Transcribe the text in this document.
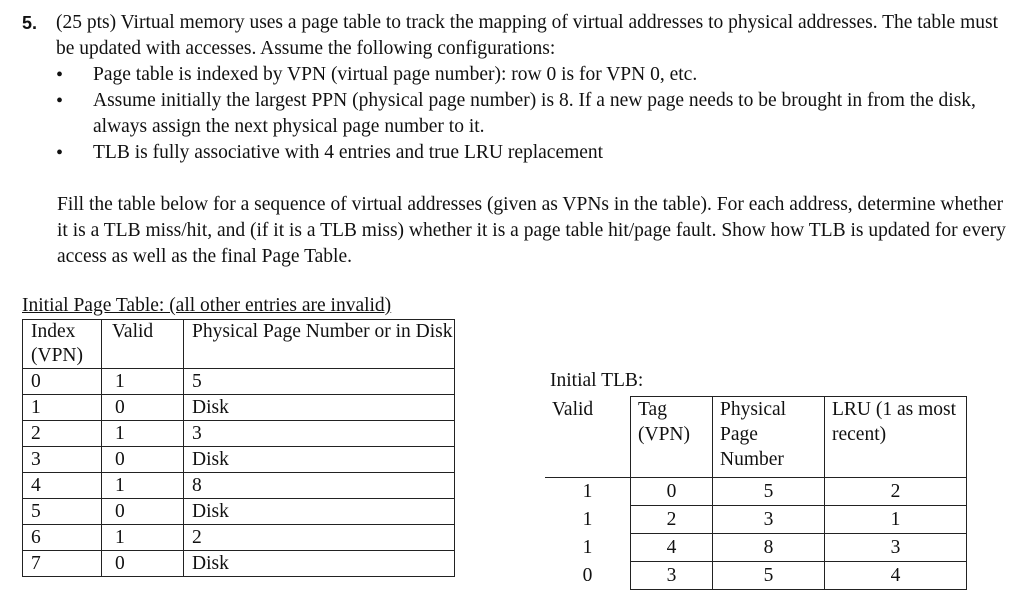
5. (25 pts) Virtual memory uses a page table to track the mapping of virtual addresses to physical addresses. The table must be updated with accesses. Assume the following configurations:
• Page table is indexed by VPN (virtual page number): row 0 is for VPN 0, etc.
• Assume initially the largest PPN (physical page number) is 8. If a new page needs to be brought in from the disk, always assign the next physical page number to it.
• TLB is fully associative with 4 entries and true LRU replacement
Fill the table below for a sequence of virtual addresses (given as VPNs in the table). For each address, determine whether it is a TLB miss/hit, and (if it is a TLB miss) whether it is a page table hit/page fault. Show how TLB is updated for every access as well as the final Page Table.
Initial Page Table: (all other entries are invalid)
Index (VPN)	Valid	Physical Page Number or in Disk
0	1	5
1	0	Disk
2	1	3
3	0	Disk
4	1	8
5	0	Disk
6	1	2
7	0	Disk
Initial TLB:
Valid	Tag (VPN)	Physical Page Number	LRU (1 as most recent)
1	0	5	2
1	2	3	1
1	4	8	3
0	3	5	4
